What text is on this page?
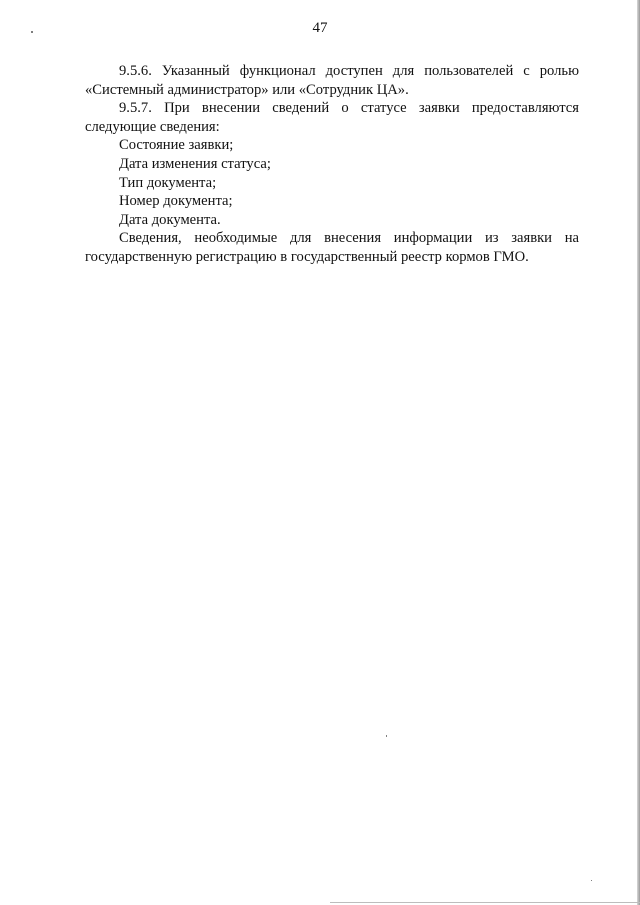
47

9.5.6. Указанный функционал доступен для пользователей с ролью «Системный администратор» или «Сотрудник ЦА».

9.5.7. При внесении сведений о статусе заявки предоставляются следующие сведения:

Состояние заявки;

Дата изменения статуса;

Тип документа;

Номер документа;

Дата документа.

Сведения, необходимые для внесения информации из заявки на государственную регистрацию в государственный реестр кормов ГМО.
